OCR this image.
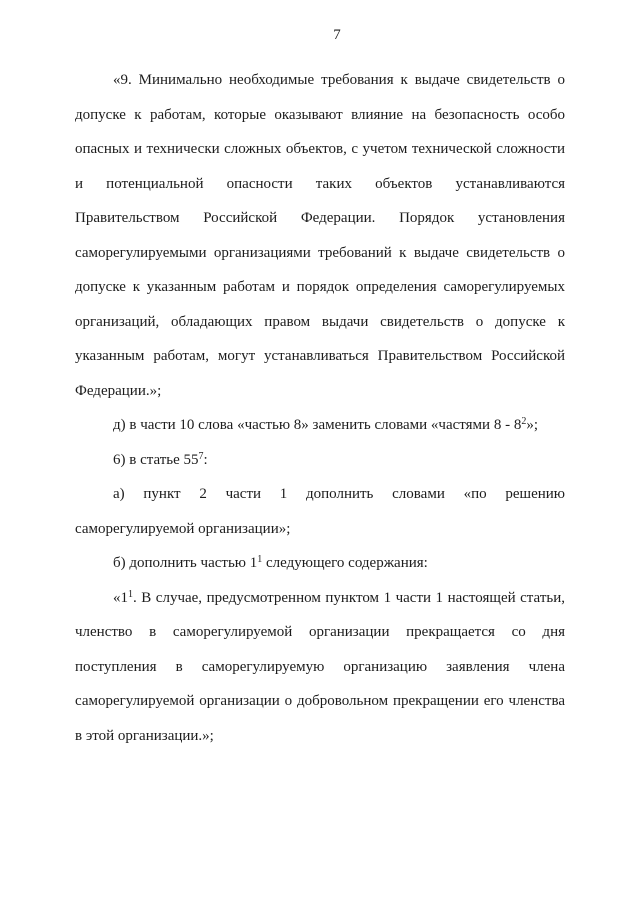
7
«9. Минимально необходимые требования к выдаче свидетельств о
допуске к работам, которые оказывают влияние на безопасность особо
опасных и технически сложных объектов, с учетом технической сложности
и потенциальной опасности таких объектов устанавливаются
Правительством Российской Федерации. Порядок установления
саморегулируемыми организациями требований к выдаче свидетельств о
допуске к указанным работам и порядок определения саморегулируемых
организаций, обладающих правом выдачи свидетельств о допуске к
указанным работам, могут устанавливаться Правительством Российской
Федерации.»;
д) в части 10 слова «частью 8» заменить словами «частями $8 - 8^2$»;
6) в статье $55^7$:
а) пункт 2 части 1 дополнить словами «по решению
саморегулируемой организации»;
б) дополнить частью $1^1$ следующего содержания:
«$1^1$. В случае, предусмотренном пунктом 1 части 1 настоящей статьи,
членство в саморегулируемой организации прекращается со дня
поступления в саморегулируемую организацию заявления члена
саморегулируемой организации о добровольном прекращении его членства
в этой организации.»;
